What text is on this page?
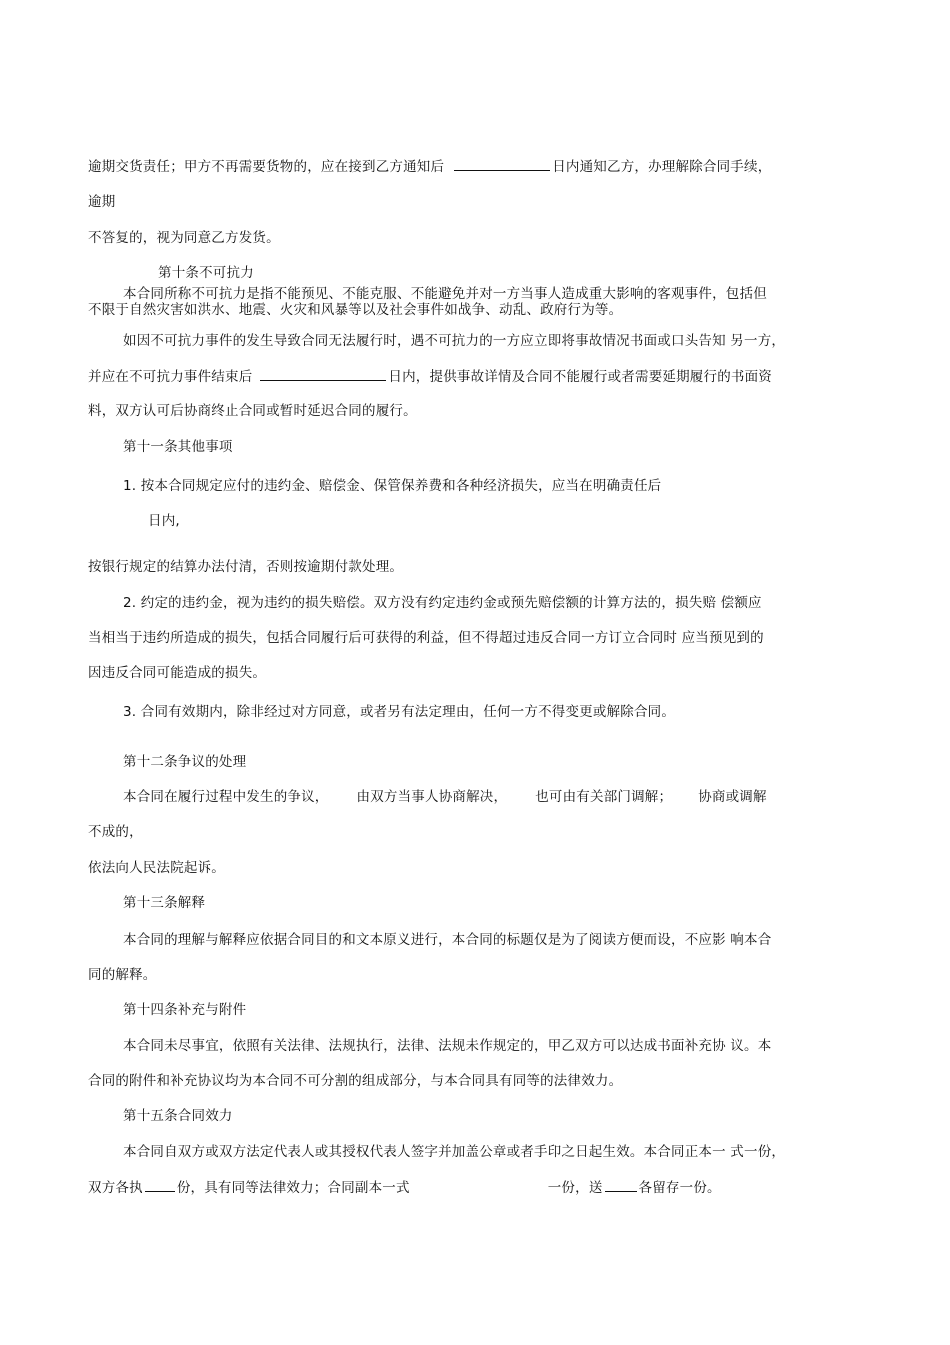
逾期交货责任；甲方不再需要货物的，应在接到乙方通知后	日内通知乙方，办理解除合同手续，
逾期
不答复的，视为同意乙方发货。
第十条不可抗力
本合同所称不可抗力是指不能预见、不能克服、不能避免并对一方当事人造成重大影响的客观事件，包括但
不限于自然灾害如洪水、地震、火灾和风暴等以及社会事件如战争、动乱、政府行为等。
如因不可抗力事件的发生导致合同无法履行时，遇不可抗力的一方应立即将事故情况书面或口头告知 另一方，
并应在不可抗力事件结束后	日内，提供事故详情及合同不能履行或者需要延期履行的书面资
料，双方认可后协商终止合同或暂时延迟合同的履行。
第十一条其他事项
1. 按本合同规定应付的违约金、赔偿金、保管保养费和各种经济损失，应当在明确责任后
日内,
按银行规定的结算办法付清，否则按逾期付款处理。
2. 约定的违约金，视为违约的损失赔偿。双方没有约定违约金或预先赔偿额的计算方法的，损失赔 偿额应
当相当于违约所造成的损失，包括合同履行后可获得的利益，但不得超过违反合同一方订立合同时 应当预见到的
因违反合同可能造成的损失。
3. 合同有效期内，除非经过对方同意，或者另有法定理由，任何一方不得变更或解除合同。
第十二条争议的处理
本合同在履行过程中发生的争议， 由双方当事人协商解决， 也可由有关部门调解； 协商或调解
不成的，
依法向人民法院起诉。
第十三条解释
本合同的理解与解释应依据合同目的和文本原义进行，本合同的标题仅是为了阅读方便而设，不应影 响本合
同的解释。
第十四条补充与附件
本合同未尽事宜，依照有关法律、法规执行，法律、法规未作规定的，甲乙双方可以达成书面补充协 议。本
合同的附件和补充协议均为本合同不可分割的组成部分，与本合同具有同等的法律效力。
第十五条合同效力
本合同自双方或双方法定代表人或其授权代表人签字并加盖公章或者手印之日起生效。本合同正本一 式一份，
双方各执	份，具有同等法律效力；合同副本一式	一份，送	各留存一份。
